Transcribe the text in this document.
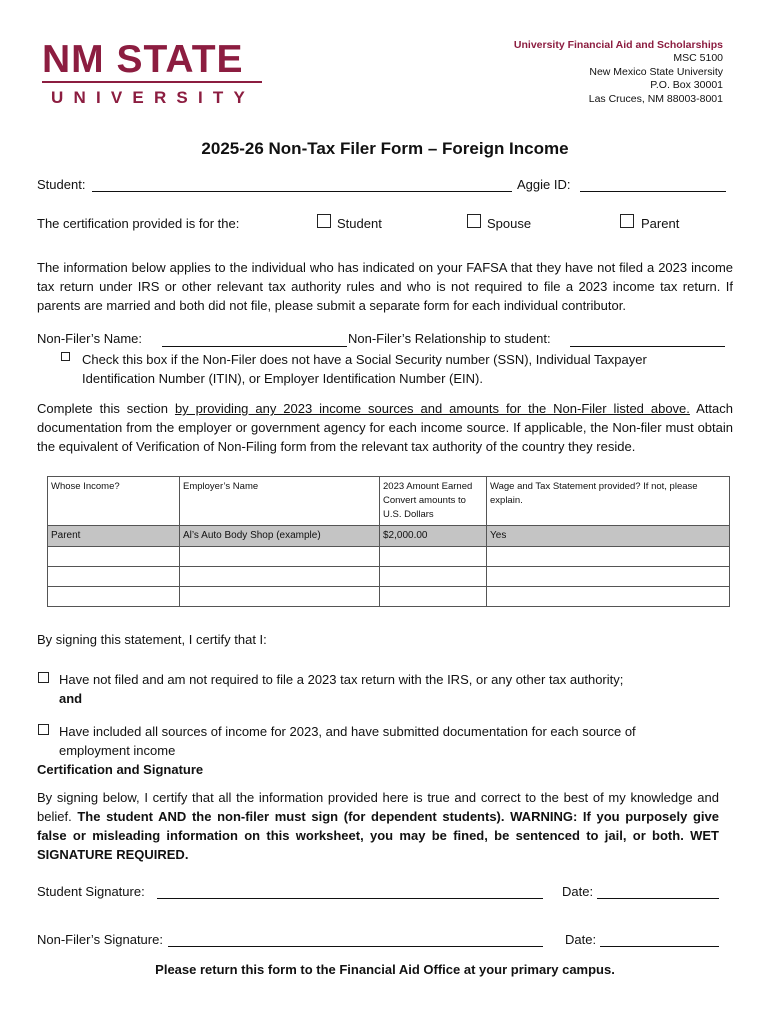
NM STATE
UNIVERSITY
University Financial Aid and Scholarships
MSC 5100
New Mexico State University
P.O. Box 30001
Las Cruces, NM 88003-8001
2025-26 Non-Tax Filer Form – Foreign Income
Student:	Aggie ID:
The certification provided is for the:	Student	Spouse	Parent
The information below applies to the individual who has indicated on your FAFSA that they have not filed a 2023 income tax return under IRS or other relevant tax authority rules and who is not required to file a 2023 income tax return. If parents are married and both did not file, please submit a separate form for each individual contributor.
Non-Filer’s Name:	Non-Filer’s Relationship to student:
Check this box if the Non-Filer does not have a Social Security number (SSN), Individual Taxpayer
Identification Number (ITIN), or Employer Identification Number (EIN).
Complete this section by providing any 2023 income sources and amounts for the Non-Filer listed above. Attach documentation from the employer or government agency for each income source. If applicable, the Non-filer must obtain the equivalent of Verification of Non-Filing form from the relevant tax authority of the country they reside.
Whose Income?	Employer’s Name	2023 Amount Earned Convert amounts to U.S. Dollars	Wage and Tax Statement provided? If not, please explain.
Parent	Al’s Auto Body Shop (example)	$2,000.00	Yes

By signing this statement, I certify that I:
Have not filed and am not required to file a 2023 tax return with the IRS, or any other tax authority;
and
Have included all sources of income for 2023, and have submitted documentation for each source of
employment income
Certification and Signature
By signing below, I certify that all the information provided here is true and correct to the best of my knowledge and belief. The student AND the non-filer must sign (for dependent students). WARNING: If you purposely give false or misleading information on this worksheet, you may be fined, be sentenced to jail, or both. WET SIGNATURE REQUIRED.
Student Signature:	Date:
Non-Filer’s Signature:	Date:
Please return this form to the Financial Aid Office at your primary campus.
